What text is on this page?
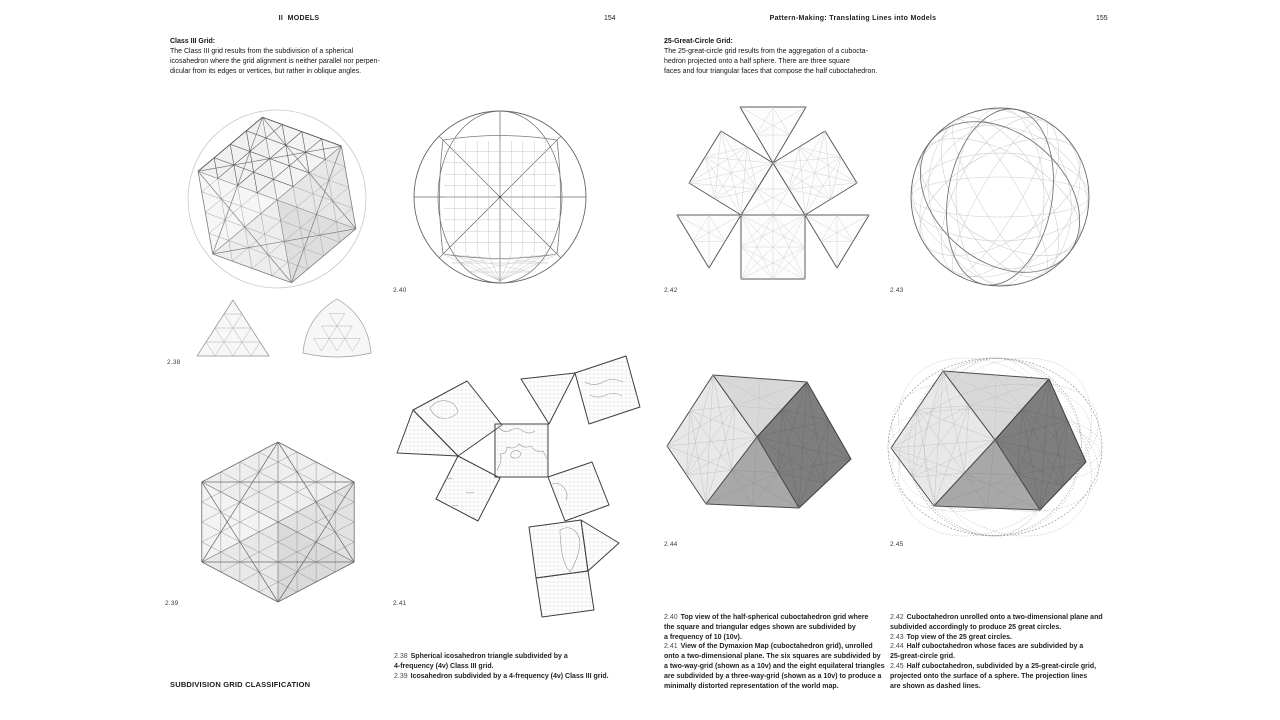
II  MODELS	154
Class III Grid:
The Class III grid results from the subdivision of a spherical
icosahedron where the grid alignment is neither parallel nor perpen-
dicular from its edges or vertices, but rather in oblique angles.
2.38
2.40
2.39	2.41
2.38 Spherical icosahedron triangle subdivided by a
4-frequency (4v) Class III grid.
2.39 Icosahedron subdivided by a 4-frequency (4v) Class III grid.
SUBDIVISION GRID CLASSIFICATION
Pattern-Making: Translating Lines into Models	155
25-Great-Circle Grid:
The 25-great-circle grid results from the aggregation of a cubocta-
hedron projected onto a half sphere. There are three square
faces and four triangular faces that compose the half cuboctahedron.
2.42	2.43
2.44	2.45
2.40 Top view of the half-spherical cuboctahedron grid where
the square and triangular edges shown are subdivided by
a frequency of 10 (10v).
2.41 View of the Dymaxion Map (cuboctahedron grid), unrolled
onto a two-dimensional plane. The six squares are subdivided by
a two-way-grid (shown as a 10v) and the eight equilateral triangles
are subdivided by a three-way-grid (shown as a 10v) to produce a
minimally distorted representation of the world map.
2.42 Cuboctahedron unrolled onto a two-dimensional plane and
subdivided accordingly to produce 25 great circles.
2.43 Top view of the 25 great circles.
2.44 Half cuboctahedron whose faces are subdivided by a
25-great-circle grid.
2.45 Half cuboctahedron, subdivided by a 25-great-circle grid,
projected onto the surface of a sphere. The projection lines
are shown as dashed lines.
